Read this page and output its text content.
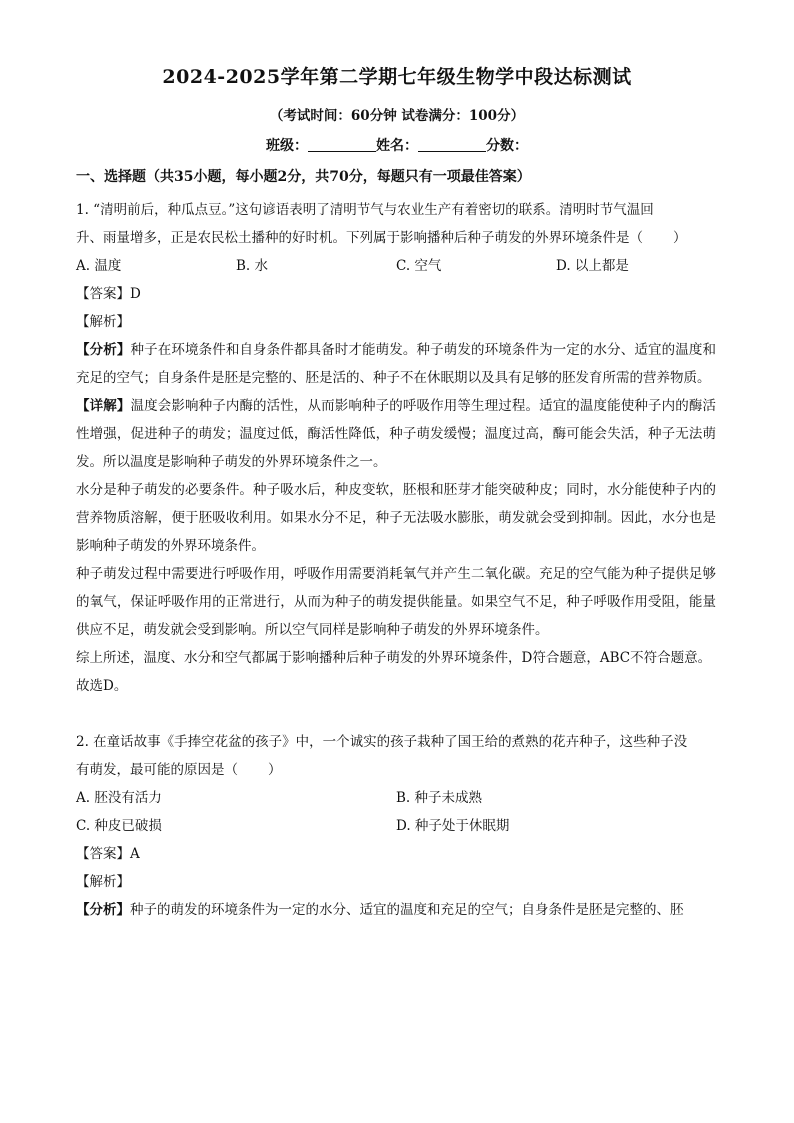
2024-2025学年第二学期七年级生物学中段达标测试
（考试时间：60分钟 试卷满分：100分）
班级：	姓名：	分数：
一、选择题（共35小题，每小题2分，共70分，每题只有一项最佳答案）

1. “清明前后，种瓜点豆。”这句谚语表明了清明节气与农业生产有着密切的联系。清明时节气温回

升、雨量增多，正是农民松土播种的好时机。下列属于影响播种后种子萌发的外界环境条件是（ ）

A. 温度	B. 水	C. 空气	D. 以上都是

【答案】D

【解析】

【分析】种子在环境条件和自身条件都具备时才能萌发。种子萌发的环境条件为一定的水分、适宜的温度和充足的空气；自身条件是胚是完整的、胚是活的、种子不在休眠期以及具有足够的胚发育所需的营养物质。

【详解】温度会影响种子内酶的活性，从而影响种子的呼吸作用等生理过程。适宜的温度能使种子内的酶活性增强，促进种子的萌发；温度过低，酶活性降低，种子萌发缓慢；温度过高，酶可能会失活，种子无法萌发。所以温度是影响种子萌发的外界环境条件之一。

水分是种子萌发的必要条件。种子吸水后，种皮变软，胚根和胚芽才能突破种皮；同时，水分能使种子内的营养物质溶解，便于胚吸收利用。如果水分不足，种子无法吸水膨胀，萌发就会受到抑制。因此，水分也是影响种子萌发的外界环境条件。

种子萌发过程中需要进行呼吸作用，呼吸作用需要消耗氧气并产生二氧化碳。充足的空气能为种子提供足够的氧气，保证呼吸作用的正常进行，从而为种子的萌发提供能量。如果空气不足，种子呼吸作用受阻，能量供应不足，萌发就会受到影响。所以空气同样是影响种子萌发的外界环境条件。

综上所述，温度、水分和空气都属于影响播种后种子萌发的外界环境条件，D符合题意，ABC不符合题意。

故选D。

2. 在童话故事《手捧空花盆的孩子》中，一个诚实的孩子栽种了国王给的煮熟的花卉种子，这些种子没

有萌发，最可能的原因是（ ）

A. 胚没有活力	B. 种子未成熟
C. 种皮已破损	D. 种子处于休眠期

【答案】A

【解析】

【分析】种子的萌发的环境条件为一定的水分、适宜的温度和充足的空气；自身条件是胚是完整的、胚
